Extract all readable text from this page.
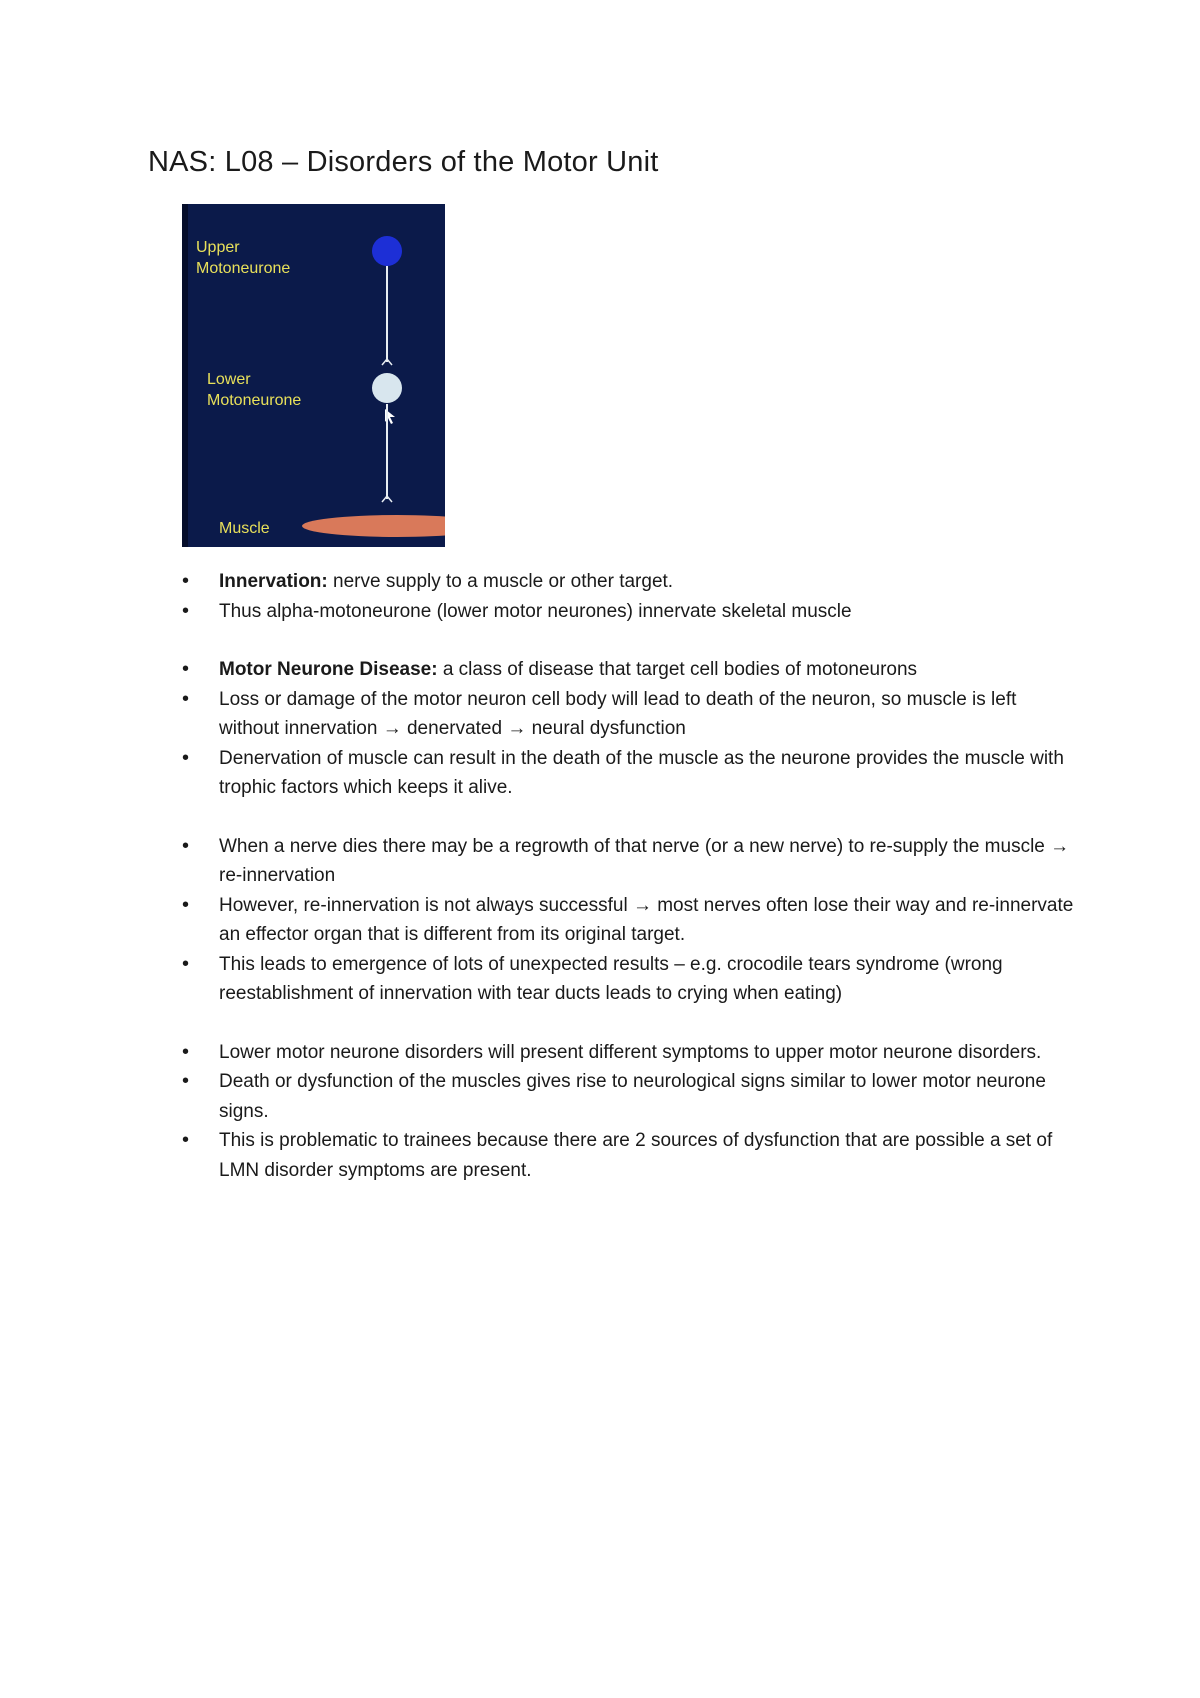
NAS: L08 – Disorders of the Motor Unit
Upper
Motoneurone
Lower
Motoneurone
Muscle
• Innervation: nerve supply to a muscle or other target.
• Thus alpha-motoneurone (lower motor neurones) innervate skeletal muscle
• Motor Neurone Disease: a class of disease that target cell bodies of motoneurons
• Loss or damage of the motor neuron cell body will lead to death of the neuron, so muscle is left without innervation → denervated → neural dysfunction
• Denervation of muscle can result in the death of the muscle as the neurone provides the muscle with trophic factors which keeps it alive.
• When a nerve dies there may be a regrowth of that nerve (or a new nerve) to re-supply the muscle → re-innervation
• However, re-innervation is not always successful → most nerves often lose their way and re-innervate an effector organ that is different from its original target.
• This leads to emergence of lots of unexpected results – e.g. crocodile tears syndrome (wrong reestablishment of innervation with tear ducts leads to crying when eating)
• Lower motor neurone disorders will present different symptoms to upper motor neurone disorders.
• Death or dysfunction of the muscles gives rise to neurological signs similar to lower motor neurone signs.
• This is problematic to trainees because there are 2 sources of dysfunction that are possible a set of LMN disorder symptoms are present.
